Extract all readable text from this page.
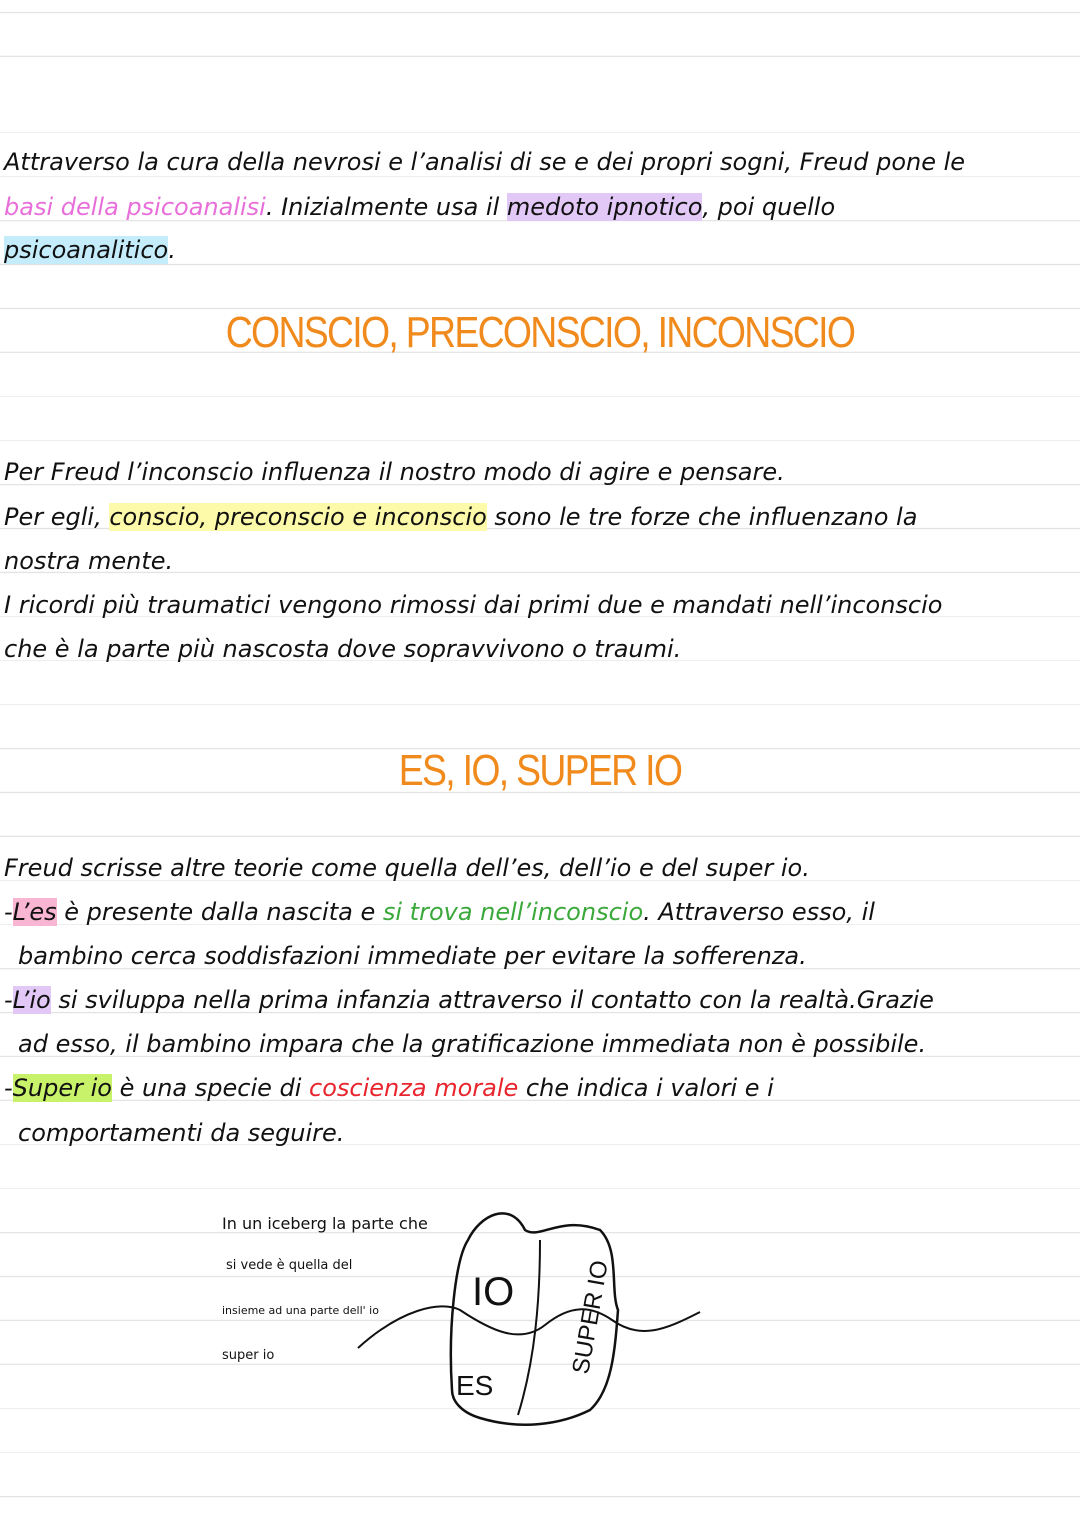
Attraverso la cura della nevrosi e l’analisi di se e dei propri sogni, Freud pone le
basi della psicoanalisi. Inizialmente usa il medoto ipnotico, poi quello
psicoanalitico.
CONSCIO, PRECONSCIO, INCONSCIO
Per Freud l’inconscio influenza il nostro modo di agire e pensare.
Per egli, conscio, preconscio e inconscio sono le tre forze che influenzano la
nostra mente.
I ricordi più traumatici vengono rimossi dai primi due e mandati nell’inconscio
che è la parte più nascosta dove sopravvivono o traumi.
ES, IO, SUPER IO
Freud scrisse altre teorie come quella dell’es, dell’io e del super io.
-L’es è presente dalla nascita e si trova nell’inconscio. Attraverso esso, il
bambino cerca soddisfazioni immediate per evitare la sofferenza.
-L’io si sviluppa nella prima infanzia attraverso il contatto con la realtà.Grazie
ad esso, il bambino impara che la gratificazione immediata non è possibile.
-Super io è una specie di coscienza morale che indica i valori e i
comportamenti da seguire.
In un iceberg la parte che
si vede è quella del
insieme ad una parte dell' io
super io
IO SUPER IO
ES
